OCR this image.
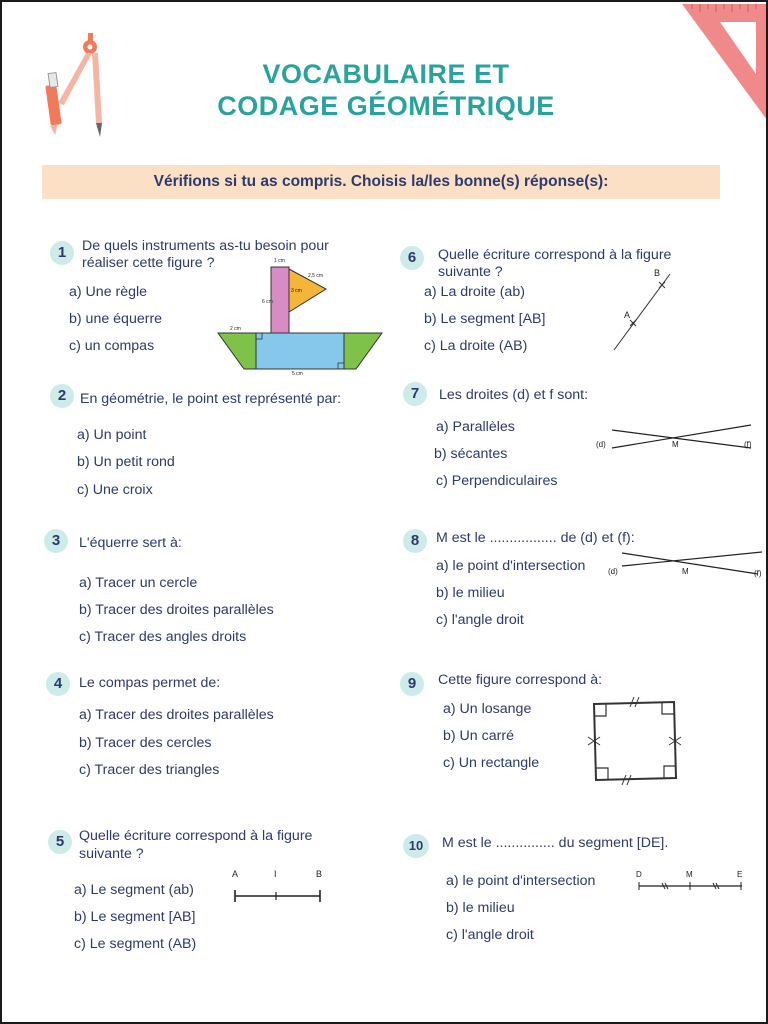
VOCABULAIRE ET
CODAGE GÉOMÉTRIQUE
Vérifions si tu as compris. Choisis la/les bonne(s) réponse(s):
1	De quels instruments as-tu besoin pour
réaliser cette figure ?
a) Une règle
b) une équerre
c) un compas
1 cm
6 cm
2,5 cm
3 cm
2 cm
5 cm
2 En géométrie, le point est représenté par:
a) Un point
b) Un petit rond
c) Une croix
3	L'équerre sert à:
a) Tracer un cercle
b) Tracer des droites parallèles
c) Tracer des angles droits
4	Le compas permet de:
a) Tracer des droites parallèles
b) Tracer des cercles
c) Tracer des triangles
5	Quelle écriture correspond à la figure
suivante ?
a) Le segment (ab)
b) Le segment [AB]
c) Le segment (AB)
A	I	B
6	Quelle écriture correspond à la figure
suivante ?
a) La droite (ab)
b) Le segment [AB]
c) La droite (AB)
A
B
7	Les droites (d) et f sont:
a) Parallèles
b) sécantes
c) Perpendiculaires
(d)	M	(f)
8	M est le ................. de (d) et (f):
a) le point d'intersection
b) le milieu
c) l'angle droit
(d)	M	(f)
9	Cette figure correspond à:
a) Un losange
b) Un carré
c) Un rectangle
10	M est le ............... du segment [DE].
a) le point d'intersection
b) le milieu
c) l'angle droit
D	M	E
